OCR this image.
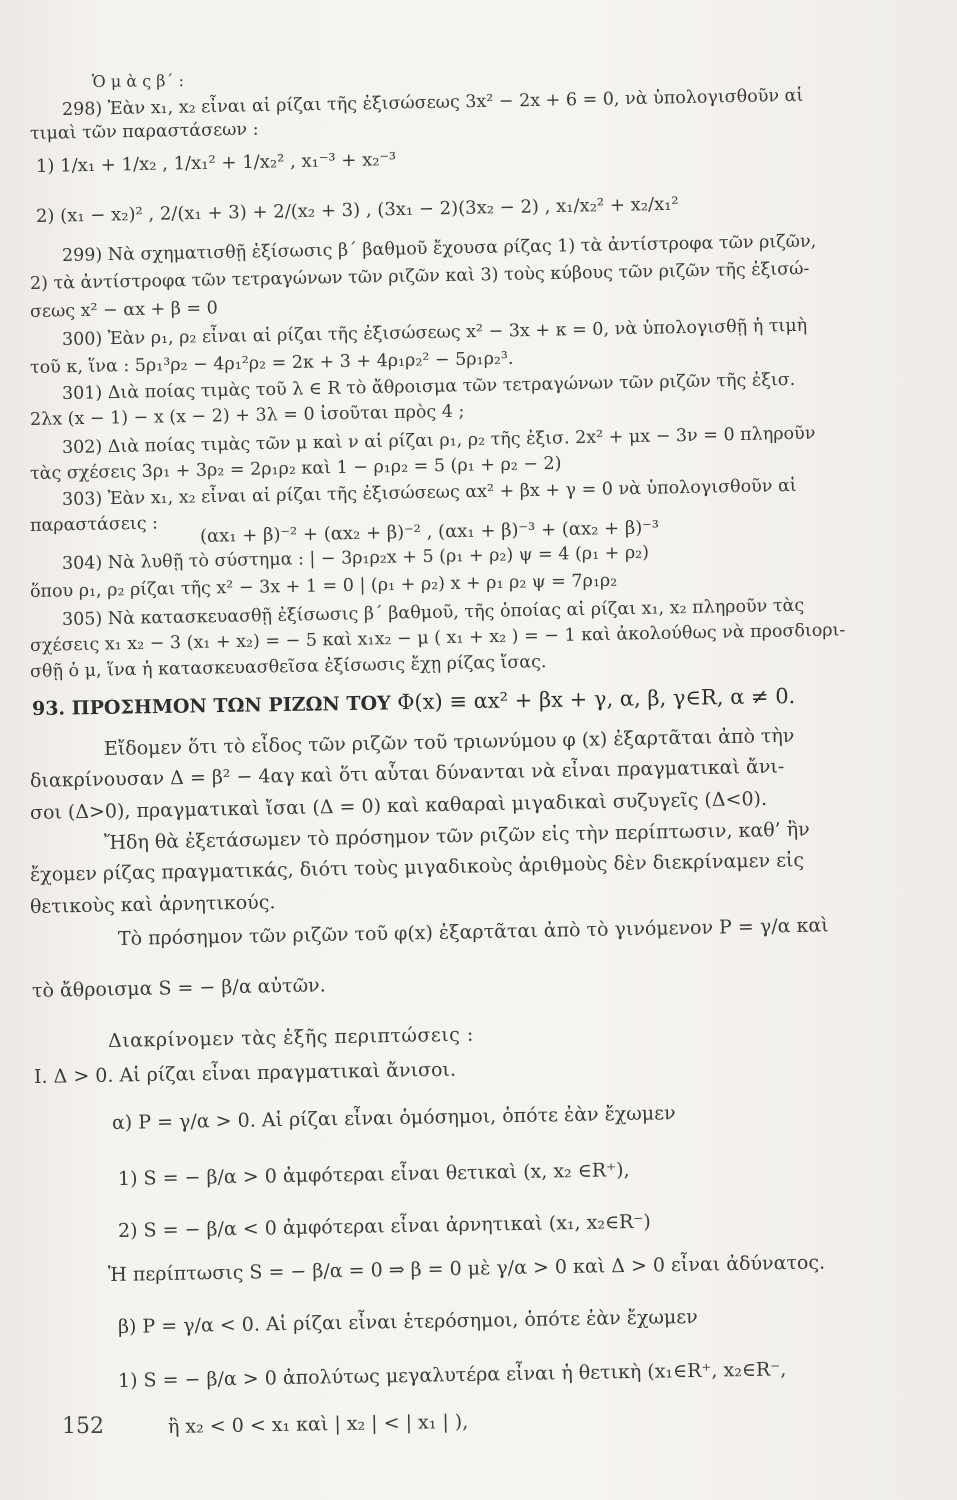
Ὁ μ ὰ ς β΄ :
298) Ἐὰν x₁, x₂ εἶναι αἱ ρίζαι τῆς ἐξισώσεως 3x² − 2x + 6 = 0, νὰ ὑπολογισθοῦν αἱ
τιμαὶ τῶν παραστάσεων :
1) 1/x₁ + 1/x₂ , 1/x₁² + 1/x₂² , x₁⁻³ + x₂⁻³
2) (x₁ − x₂)² , 2/(x₁ + 3) + 2/(x₂ + 3) , (3x₁ − 2)(3x₂ − 2) , x₁/x₂² + x₂/x₁²
299) Νὰ σχηματισθῇ ἐξίσωσις β΄ βαθμοῦ ἔχουσα ρίζας 1) τὰ ἀντίστροφα τῶν ριζῶν,
2) τὰ ἀντίστροφα τῶν τετραγώνων τῶν ριζῶν καὶ 3) τοὺς κύβους τῶν ριζῶν τῆς ἐξισώ-
σεως x² − αx + β = 0
300) Ἐὰν ρ₁, ρ₂ εἶναι αἱ ρίζαι τῆς ἐξισώσεως x² − 3x + κ = 0, νὰ ὑπολογισθῇ ἡ τιμὴ
τοῦ κ, ἵνα : 5ρ₁³ρ₂ − 4ρ₁²ρ₂ = 2κ + 3 + 4ρ₁ρ₂² − 5ρ₁ρ₂³.
301) Διὰ ποίας τιμὰς τοῦ λ ∈ R τὸ ἄθροισμα τῶν τετραγώνων τῶν ριζῶν τῆς ἐξισ.
2λx (x − 1) − x (x − 2) + 3λ = 0 ἰσοῦται πρὸς 4 ;
302) Διὰ ποίας τιμὰς τῶν μ καὶ ν αἱ ρίζαι ρ₁, ρ₂ τῆς ἐξισ. 2x² + μx − 3ν = 0 πληροῦν
τὰς σχέσεις 3ρ₁ + 3ρ₂ = 2ρ₁ρ₂ καὶ 1 − ρ₁ρ₂ = 5 (ρ₁ + ρ₂ − 2)
303) Ἐὰν x₁, x₂ εἶναι αἱ ρίζαι τῆς ἐξισώσεως αx² + βx + γ = 0 νὰ ὑπολογισθοῦν αἱ
παραστάσεις : (αx₁ + β)⁻² + (αx₂ + β)⁻² , (αx₁ + β)⁻³ + (αx₂ + β)⁻³
304) Νὰ λυθῇ τὸ σύστημα : | − 3ρ₁ρ₂x + 5 (ρ₁ + ρ₂) ψ = 4 (ρ₁ + ρ₂)
ὅπου ρ₁, ρ₂ ρίζαι τῆς x² − 3x + 1 = 0 | (ρ₁ + ρ₂) x + ρ₁ ρ₂ ψ = 7ρ₁ρ₂
305) Νὰ κατασκευασθῇ ἐξίσωσις β΄ βαθμοῦ, τῆς ὁποίας αἱ ρίζαι x₁, x₂ πληροῦν τὰς
σχέσεις x₁ x₂ − 3 (x₁ + x₂) = − 5 καὶ x₁x₂ − μ ( x₁ + x₂ ) = − 1 καὶ ἀκολούθως νὰ προσδιορι-
σθῇ ὁ μ, ἵνα ἡ κατασκευασθεῖσα ἐξίσωσις ἔχῃ ρίζας ἴσας.
93. ΠΡΟΣΗΜΟΝ ΤΩΝ ΡΙΖΩΝ ΤΟΥ Φ(x) ≡ αx² + βx + γ, α, β, γ∈R, α ≠ 0.
Εἴδομεν ὅτι τὸ εἶδος τῶν ριζῶν τοῦ τριωνύμου φ (x) ἐξαρτᾶται ἀπὸ τὴν
διακρίνουσαν Δ = β² − 4αγ καὶ ὅτι αὗται δύνανται νὰ εἶναι πραγματικαὶ ἄνι-
σοι (Δ>0), πραγματικαὶ ἴσαι (Δ = 0) καὶ καθαραὶ μιγαδικαὶ συζυγεῖς (Δ<0).
Ἤδη θὰ ἐξετάσωμεν τὸ πρόσημον τῶν ριζῶν εἰς τὴν περίπτωσιν, καθ’ ἣν
ἔχομεν ρίζας πραγματικάς, διότι τοὺς μιγαδικοὺς ἀριθμοὺς δὲν διεκρίναμεν εἰς
θετικοὺς καὶ ἀρνητικούς.
Τὸ πρόσημον τῶν ριζῶν τοῦ φ(x) ἐξαρτᾶται ἀπὸ τὸ γινόμενον P = γ/α καὶ
τὸ ἄθροισμα S = − β/α αὐτῶν.
Διακρίνομεν τὰς ἑξῆς περιπτώσεις :
I. Δ > 0. Αἱ ρίζαι εἶναι πραγματικαὶ ἄνισοι.
α) P = γ/α > 0. Αἱ ρίζαι εἶναι ὁμόσημοι, ὁπότε ἐὰν ἔχωμεν
1) S = − β/α > 0 ἀμφότεραι εἶναι θετικαὶ (x, x₂ ∈R⁺),
2) S = − β/α < 0 ἀμφότεραι εἶναι ἀρνητικαὶ (x₁, x₂∈R⁻)
Ἡ περίπτωσις S = − β/α = 0 ⇒ β = 0 μὲ γ/α > 0 καὶ Δ > 0 εἶναι ἀδύνατος.
β) P = γ/α < 0. Αἱ ρίζαι εἶναι ἑτερόσημοι, ὁπότε ἐὰν ἔχωμεν
1) S = − β/α > 0 ἀπολύτως μεγαλυτέρα εἶναι ἡ θετικὴ (x₁∈R⁺, x₂∈R⁻,
ἢ x₂ < 0 < x₁ καὶ | x₂ | < | x₁ | ),
152
